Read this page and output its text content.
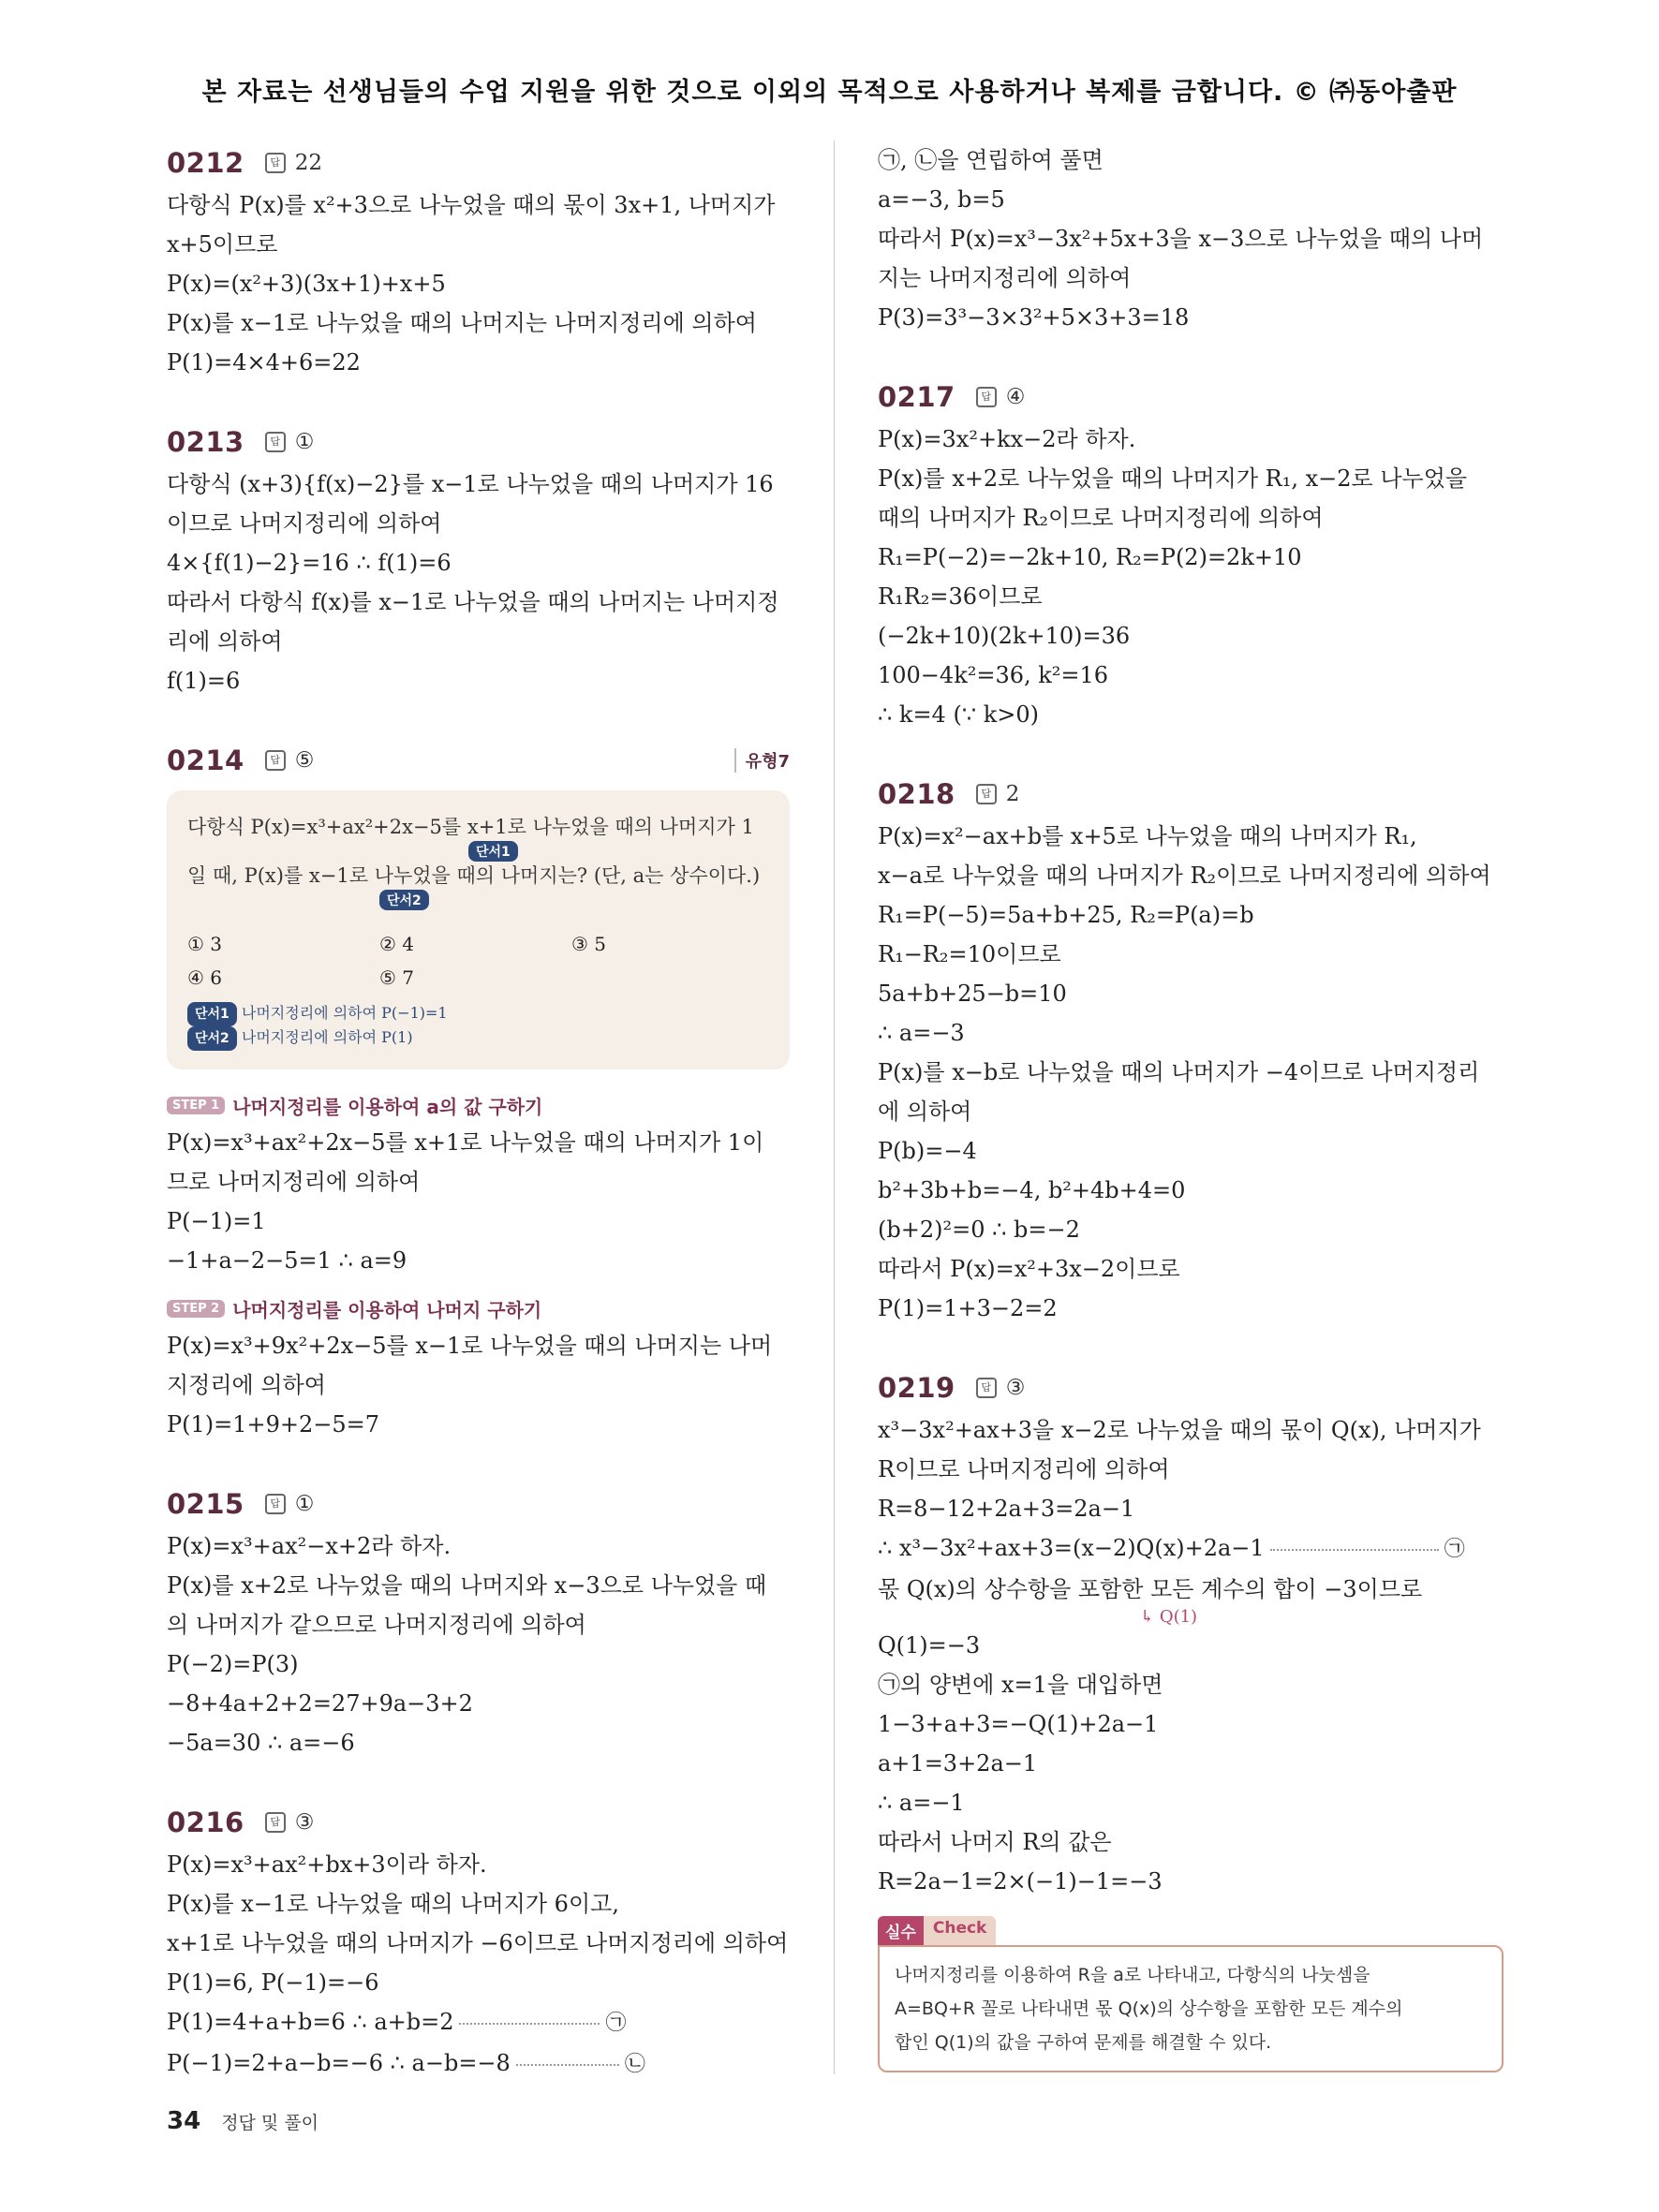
본 자료는 선생님들의 수업 지원을 위한 것으로 이외의 목적으로 사용하거나 복제를 금합니다. © ㈜동아출판
0212	답 22
다항식 P(x)를 x²+3으로 나누었을 때의 몫이 3x+1, 나머지가
x+5이므로
P(x)=(x²+3)(3x+1)+x+5
P(x)를 x−1로 나누었을 때의 나머지는 나머지정리에 의하여
P(1)=4×4+6=22
0213	답 ①
다항식 (x+3){f(x)−2}를 x−1로 나누었을 때의 나머지가 16
이므로 나머지정리에 의하여
4×{f(1)−2}=16 ∴ f(1)=6
따라서 다항식 f(x)를 x−1로 나누었을 때의 나머지는 나머지정
리에 의하여
f(1)=6
0214	답 ⑤	유형7
다항식 P(x)=x³+ax²+2x−5를 x+1로 나누었을 때의 나머지가 1
단서1
일 때, P(x)를 x−1로 나누었을 때의 나머지는? (단, a는 상수이다.)
단서2
① 3	② 4	③ 5
④ 6	⑤ 7
단서1 나머지정리에 의하여 P(−1)=1
단서2 나머지정리에 의하여 P(1)
STEP 1 나머지정리를 이용하여 a의 값 구하기
P(x)=x³+ax²+2x−5를 x+1로 나누었을 때의 나머지가 1이
므로 나머지정리에 의하여
P(−1)=1
−1+a−2−5=1 ∴ a=9
STEP 2 나머지정리를 이용하여 나머지 구하기
P(x)=x³+9x²+2x−5를 x−1로 나누었을 때의 나머지는 나머
지정리에 의하여
P(1)=1+9+2−5=7
0215	답 ①
P(x)=x³+ax²−x+2라 하자.
P(x)를 x+2로 나누었을 때의 나머지와 x−3으로 나누었을 때
의 나머지가 같으므로 나머지정리에 의하여
P(−2)=P(3)
−8+4a+2+2=27+9a−3+2
−5a=30 ∴ a=−6
0216	답 ③
P(x)=x³+ax²+bx+3이라 하자.
P(x)를 x−1로 나누었을 때의 나머지가 6이고,
x+1로 나누었을 때의 나머지가 −6이므로 나머지정리에 의하여
P(1)=6, P(−1)=−6
P(1)=4+a+b=6 ∴ a+b=2	㉠
P(−1)=2+a−b=−6 ∴ a−b=−8	㉡
㉠, ㉡을 연립하여 풀면
a=−3, b=5
따라서 P(x)=x³−3x²+5x+3을 x−3으로 나누었을 때의 나머
지는 나머지정리에 의하여
P(3)=3³−3×3²+5×3+3=18
0217	답 ④
P(x)=3x²+kx−2라 하자.
P(x)를 x+2로 나누었을 때의 나머지가 R₁, x−2로 나누었을
때의 나머지가 R₂이므로 나머지정리에 의하여
R₁=P(−2)=−2k+10, R₂=P(2)=2k+10
R₁R₂=36이므로
(−2k+10)(2k+10)=36
100−4k²=36, k²=16
∴ k=4 (∵ k>0)
0218	답 2
P(x)=x²−ax+b를 x+5로 나누었을 때의 나머지가 R₁,
x−a로 나누었을 때의 나머지가 R₂이므로 나머지정리에 의하여
R₁=P(−5)=5a+b+25, R₂=P(a)=b
R₁−R₂=10이므로
5a+b+25−b=10
∴ a=−3
P(x)를 x−b로 나누었을 때의 나머지가 −4이므로 나머지정리
에 의하여
P(b)=−4
b²+3b+b=−4, b²+4b+4=0
(b+2)²=0 ∴ b=−2
따라서 P(x)=x²+3x−2이므로
P(1)=1+3−2=2
0219	답 ③
x³−3x²+ax+3을 x−2로 나누었을 때의 몫이 Q(x), 나머지가
R이므로 나머지정리에 의하여
R=8−12+2a+3=2a−1
∴ x³−3x²+ax+3=(x−2)Q(x)+2a−1	㉠
몫 Q(x)의 상수항을 포함한 모든 계수의 합이 −3이므로
↳ Q(1)
Q(1)=−3
㉠의 양변에 x=1을 대입하면
1−3+a+3=−Q(1)+2a−1
a+1=3+2a−1
∴ a=−1
따라서 나머지 R의 값은
R=2a−1=2×(−1)−1=−3
실수	Check
나머지정리를 이용하여 R을 a로 나타내고, 다항식의 나눗셈을
A=BQ+R 꼴로 나타내면 몫 Q(x)의 상수항을 포함한 모든 계수의
합인 Q(1)의 값을 구하여 문제를 해결할 수 있다.
34 정답 및 풀이
